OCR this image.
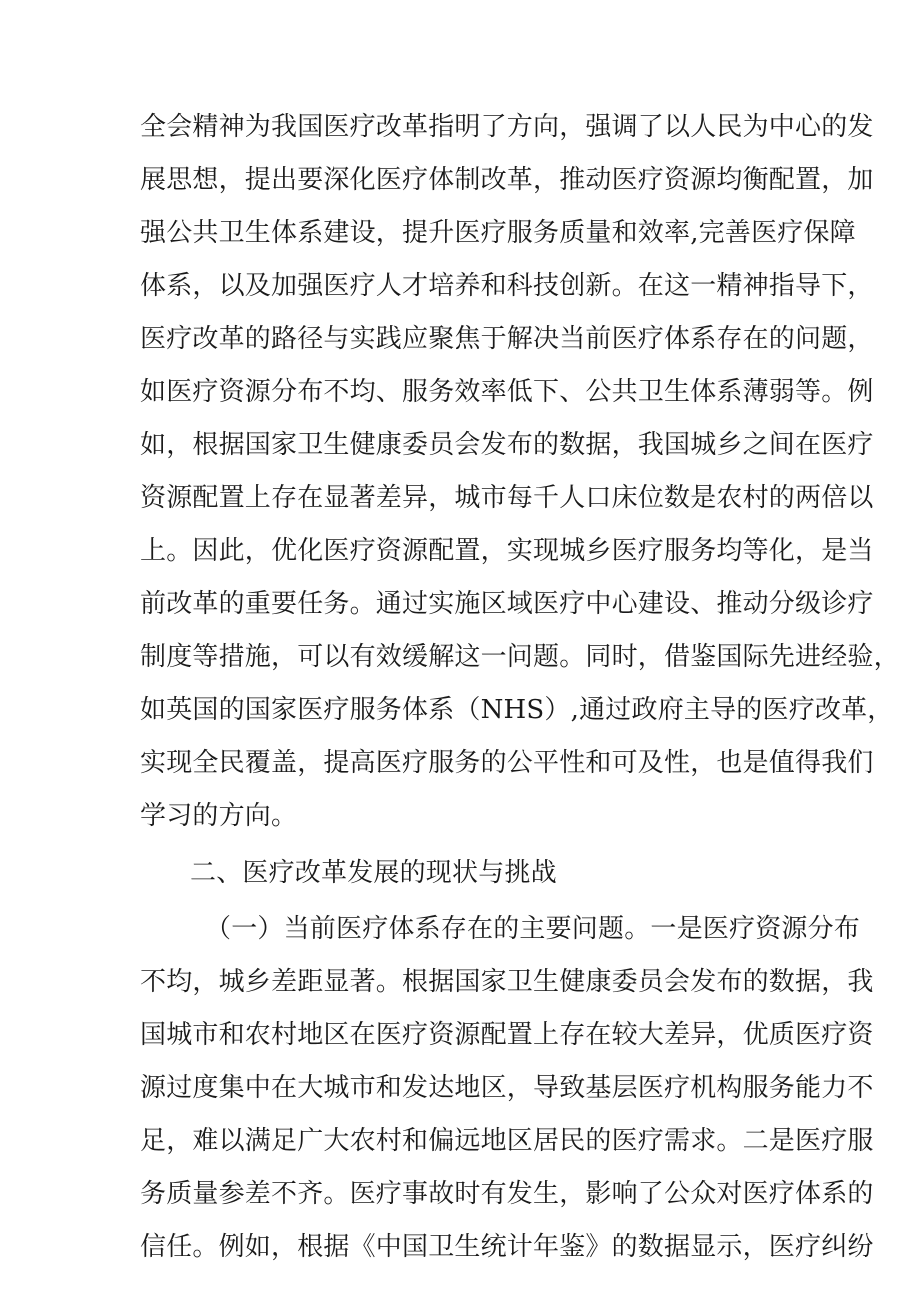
全会精神为我国医疗改革指明了方向，强调了以人民为中心的发
展思想，提出要深化医疗体制改革，推动医疗资源均衡配置，加
强公共卫生体系建设，提升医疗服务质量和效率,完善医疗保障
体系，以及加强医疗人才培养和科技创新。在这一精神指导下，
医疗改革的路径与实践应聚焦于解决当前医疗体系存在的问题，
如医疗资源分布不均、服务效率低下、公共卫生体系薄弱等。例
如，根据国家卫生健康委员会发布的数据，我国城乡之间在医疗
资源配置上存在显著差异，城市每千人口床位数是农村的两倍以
上。因此，优化医疗资源配置，实现城乡医疗服务均等化，是当
前改革的重要任务。通过实施区域医疗中心建设、推动分级诊疗
制度等措施，可以有效缓解这一问题。同时，借鉴国际先进经验，
如英国的国家医疗服务体系（NHS）,通过政府主导的医疗改革，
实现全民覆盖，提高医疗服务的公平性和可及性，也是值得我们
学习的方向。
二、医疗改革发展的现状与挑战
（一）当前医疗体系存在的主要问题。一是医疗资源分布
不均，城乡差距显著。根据国家卫生健康委员会发布的数据，我
国城市和农村地区在医疗资源配置上存在较大差异，优质医疗资
源过度集中在大城市和发达地区，导致基层医疗机构服务能力不
足，难以满足广大农村和偏远地区居民的医疗需求。二是医疗服
务质量参差不齐。医疗事故时有发生，影响了公众对医疗体系的
信任。例如，根据《中国卫生统计年鉴》的数据显示，医疗纠纷
